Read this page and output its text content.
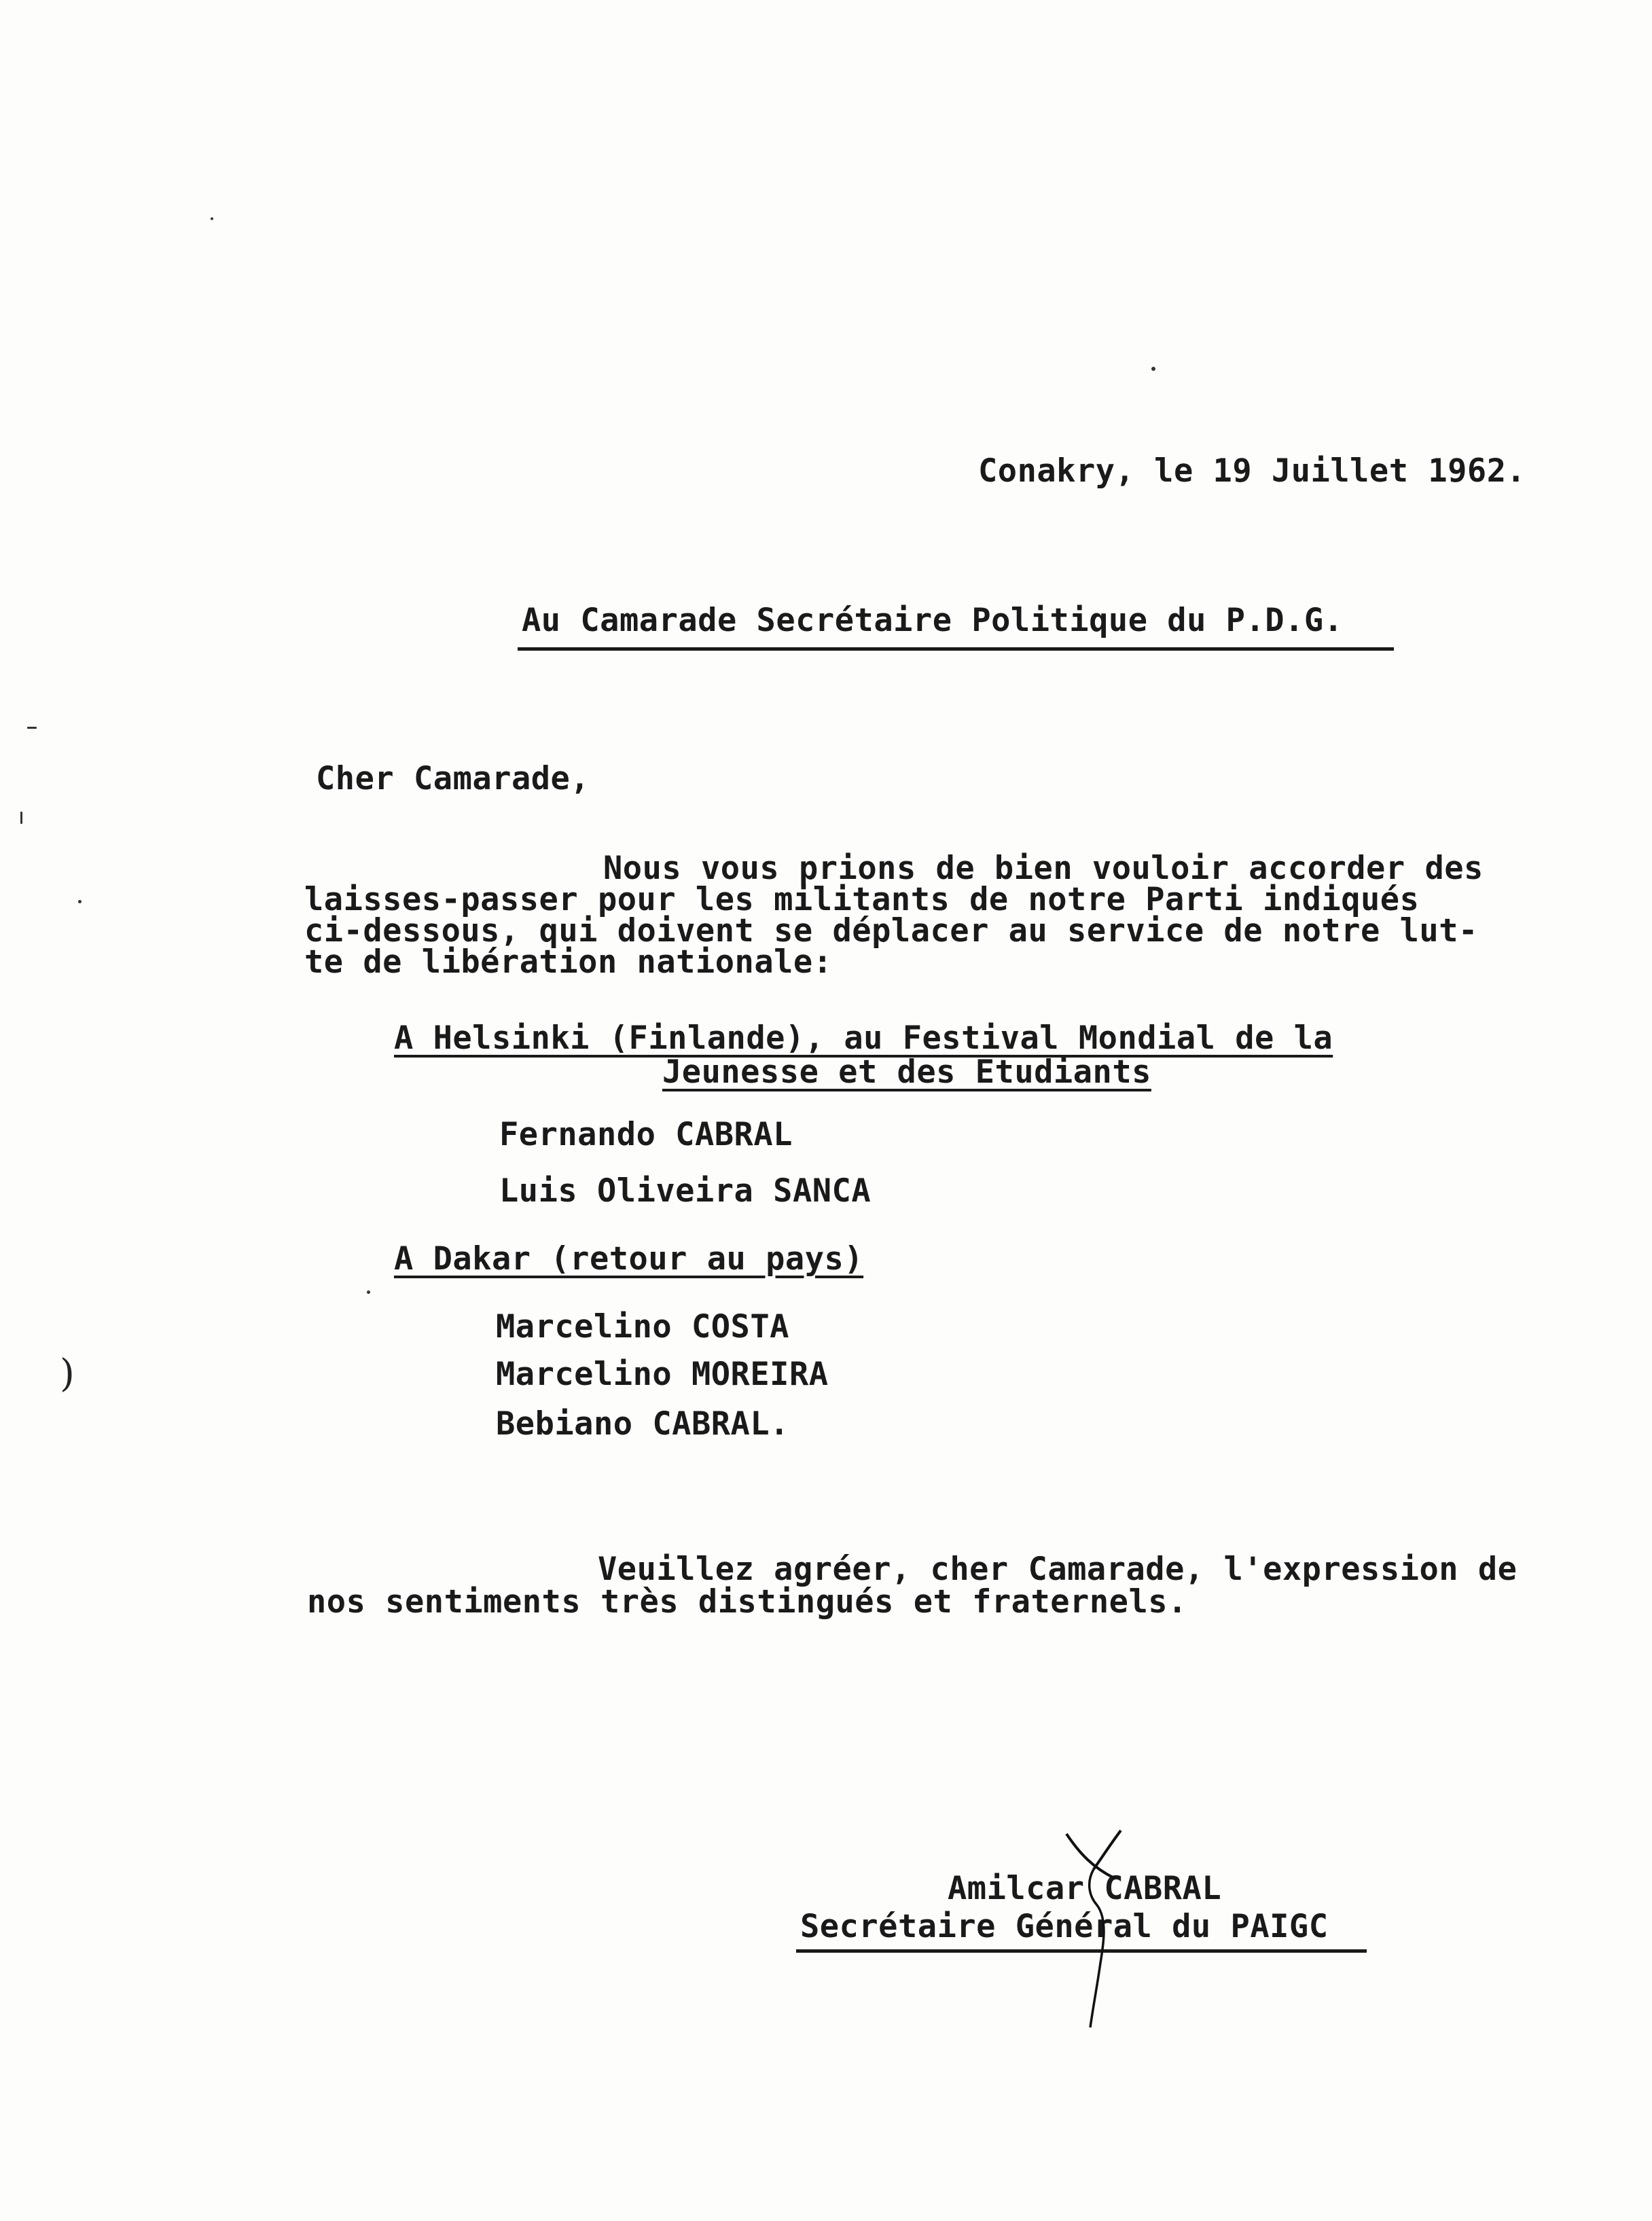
Conakry, le 19 Juillet 1962.
Au Camarade Secrétaire Politique du P.D.G.
Cher Camarade,
Nous vous prions de bien vouloir accorder des
laisses-passer pour les militants de notre Parti indiqués
ci-dessous, qui doivent se déplacer au service de notre lut-
te de libération nationale:
A Helsinki (Finlande), au Festival Mondial de la
Jeunesse et des Etudiants
Fernando CABRAL
Luis Oliveira SANCA
A Dakar (retour au pays)
Marcelino COSTA
Marcelino MOREIRA
Bebiano CABRAL.
Veuillez agréer, cher Camarade, l'expression de
nos sentiments très distingués et fraternels.
Amilcar CABRAL
Secrétaire Général du PAIGC
)
